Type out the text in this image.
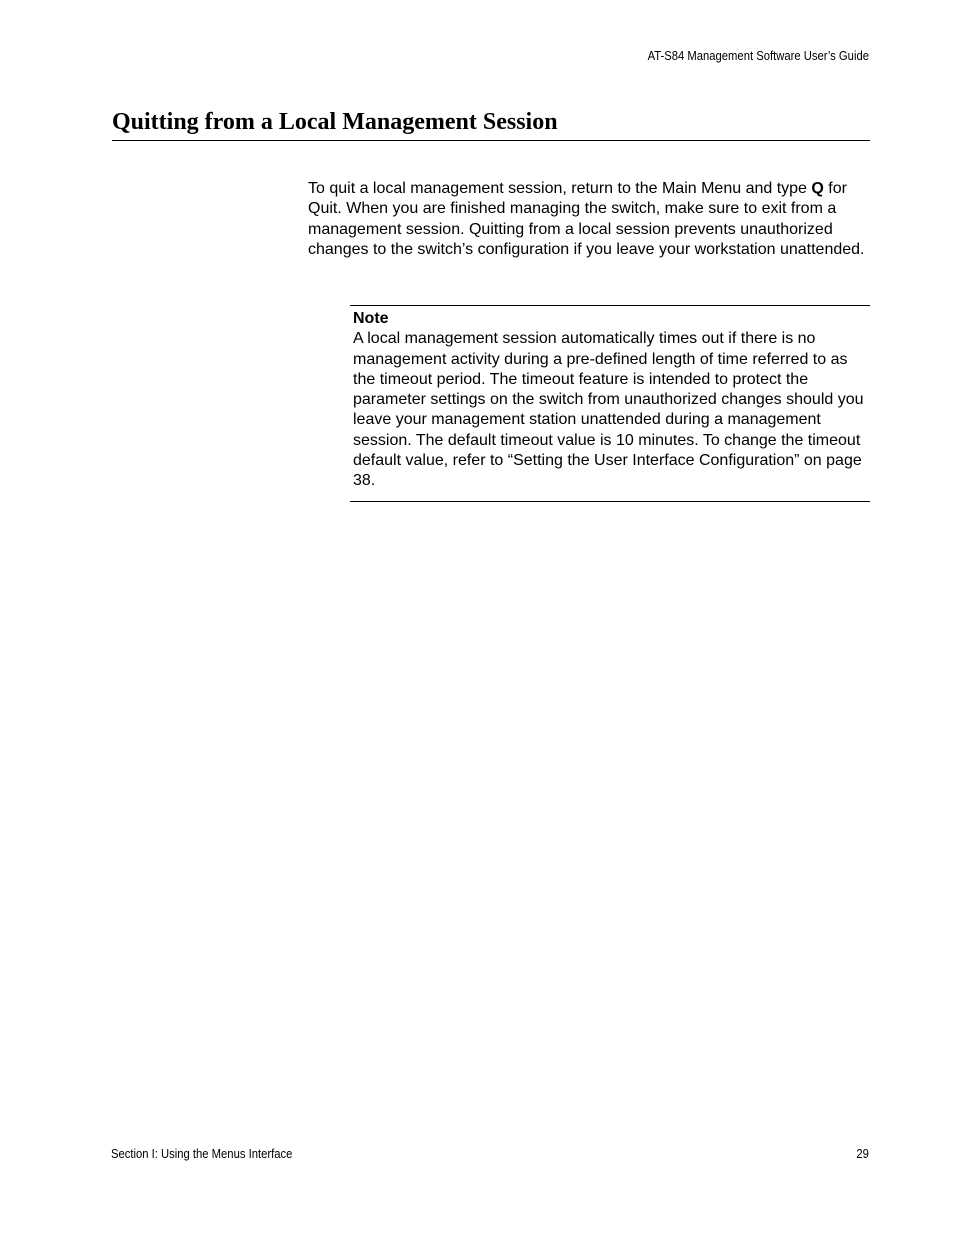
AT-S84 Management Software User’s Guide
Quitting from a Local Management Session

To quit a local management session, return to the Main Menu and type Q for Quit. When you are finished managing the switch, make sure to exit from a management session. Quitting from a local session prevents unauthorized changes to the switch’s configuration if you leave your workstation unattended.

Note

A local management session automatically times out if there is no management activity during a pre-defined length of time referred to as the timeout period. The timeout feature is intended to protect the parameter settings on the switch from unauthorized changes should you leave your management station unattended during a management session. The default timeout value is 10 minutes. To change the timeout default value, refer to “Setting the User Interface Configuration” on page 38.

Section I: Using the Menus Interface	29
